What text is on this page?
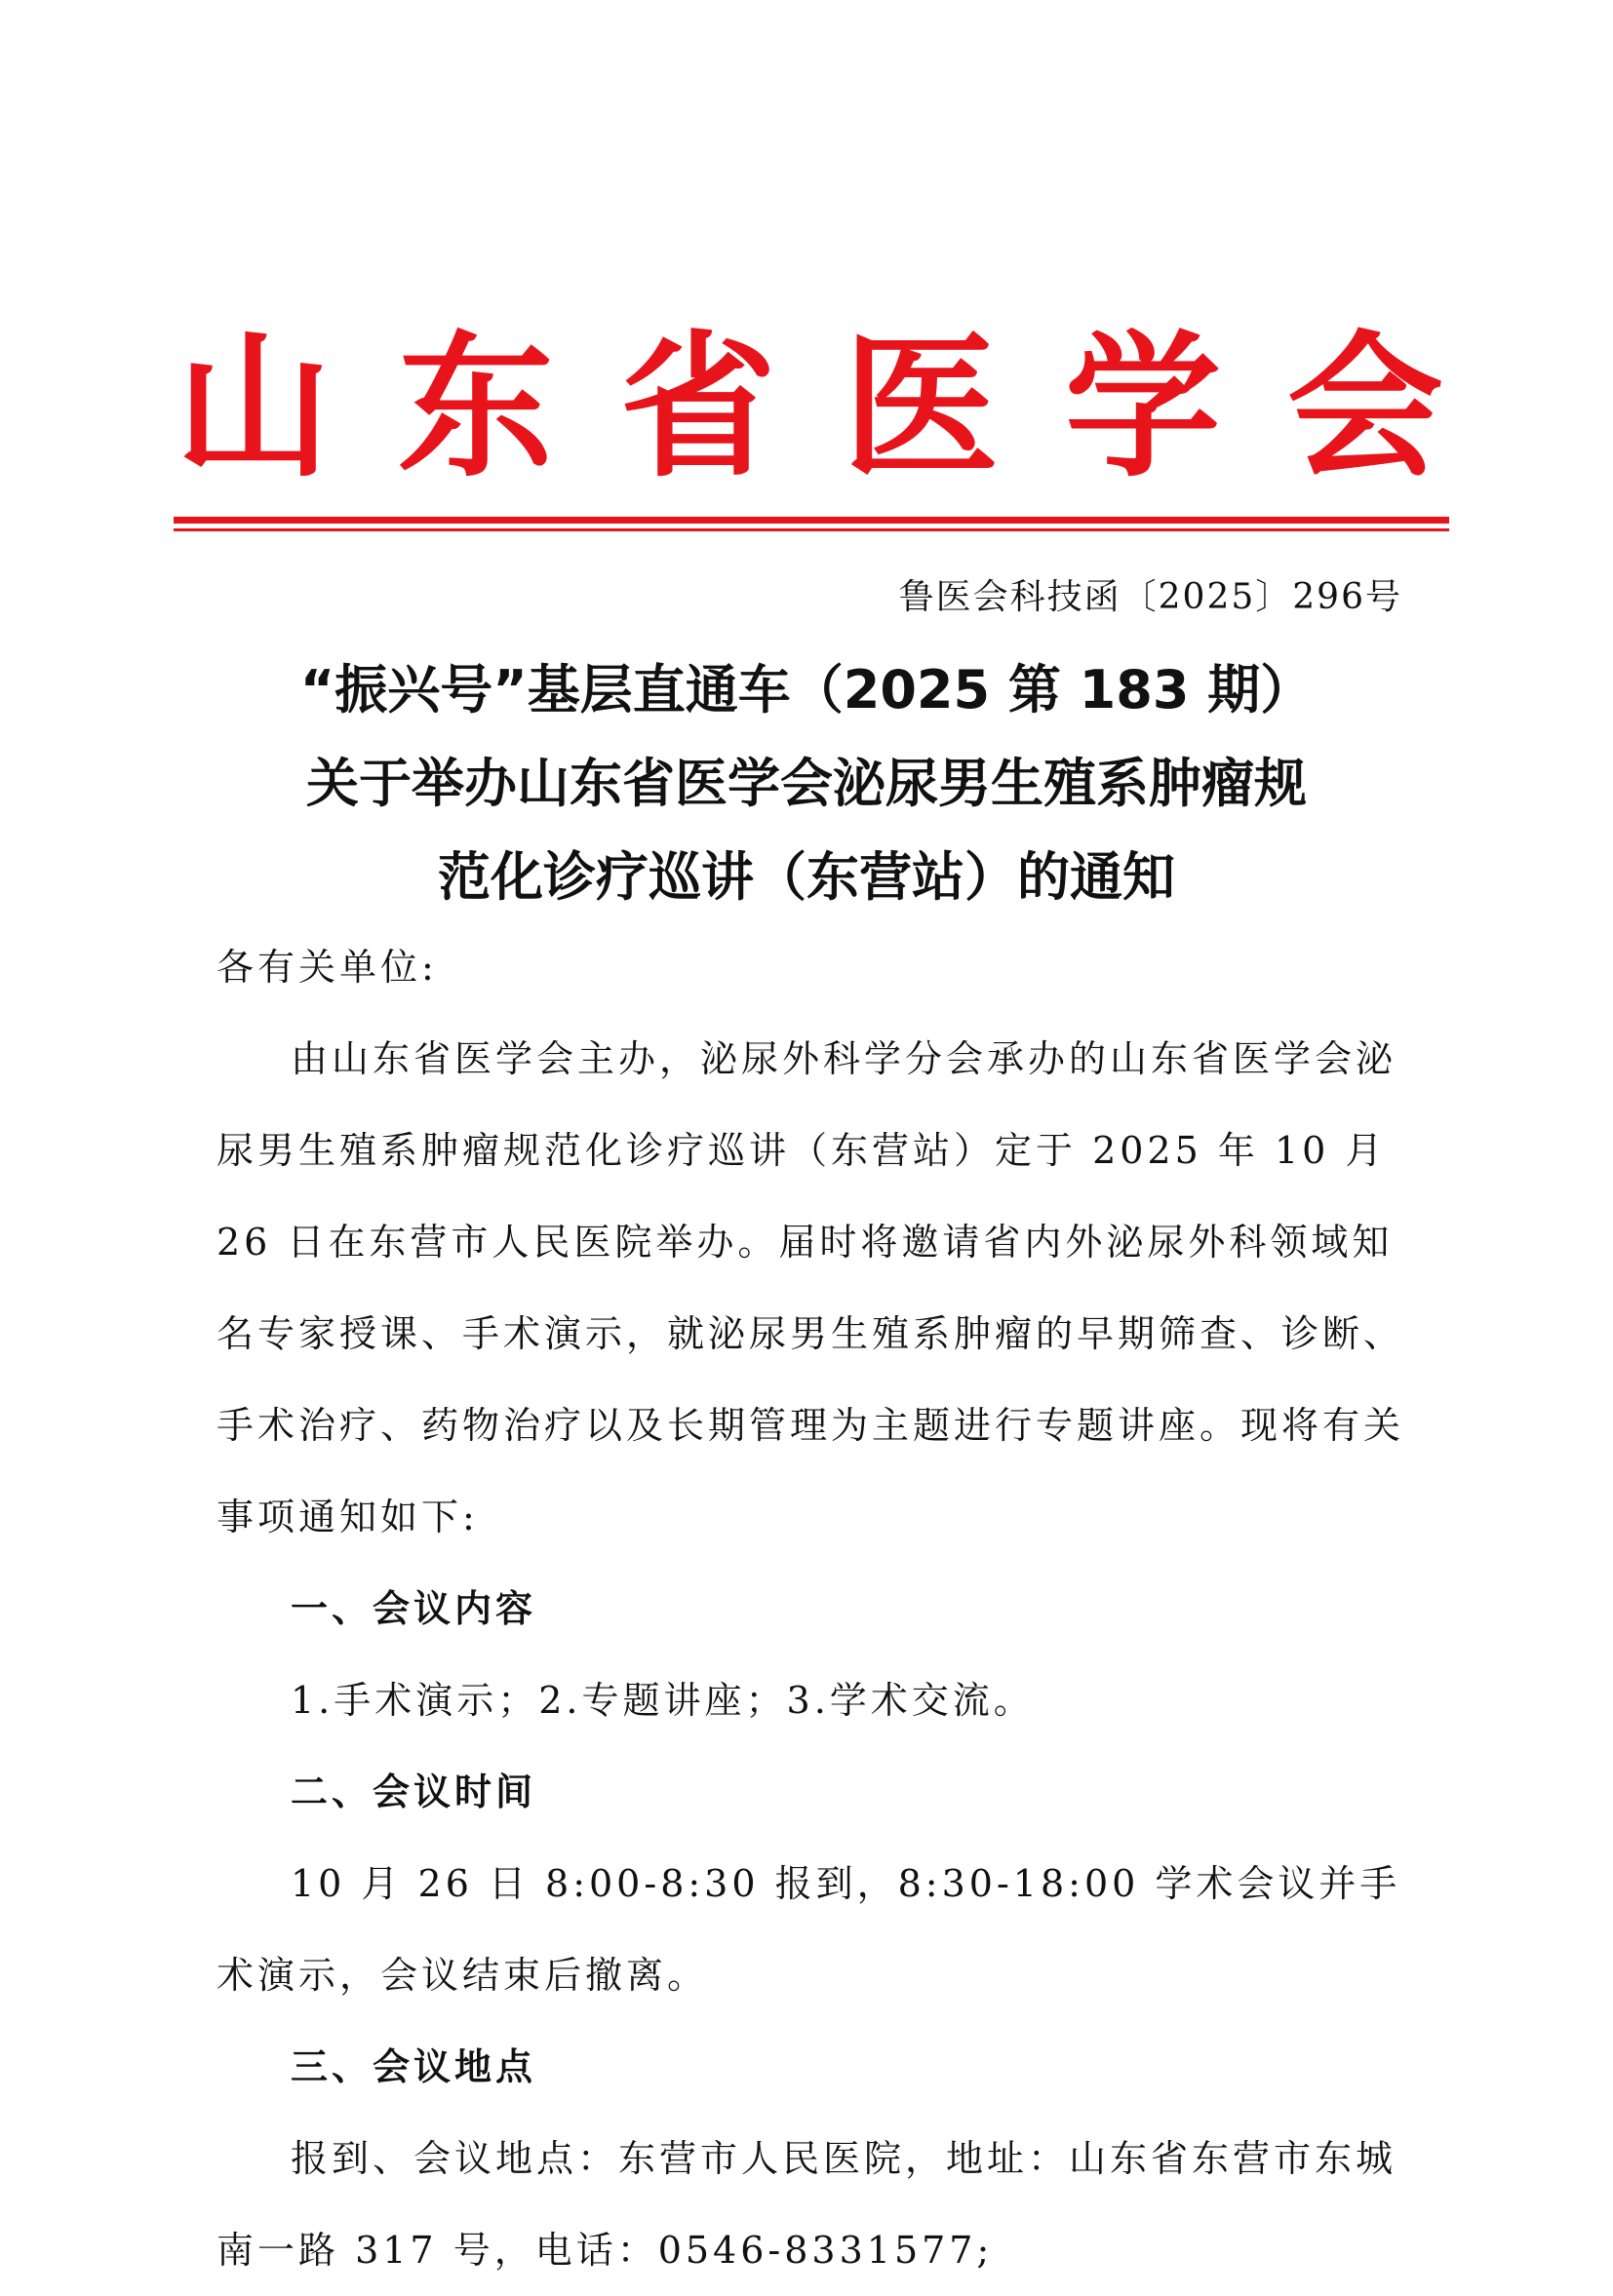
山 东 省 医 学 会
鲁医会科技函〔2025〕296号
“振兴号”基层直通车（2025 第 183 期）
关于举办山东省医学会泌尿男生殖系肿瘤规
范化诊疗巡讲（东营站）的通知

各有关单位:

由山东省医学会主办，泌尿外科学分会承办的山东省医学会泌尿男生殖系肿瘤规范化诊疗巡讲（东营站）定于 2025 年 10 月 26 日在东营市人民医院举办。届时将邀请省内外泌尿外科领域知名专家授课、手术演示，就泌尿男生殖系肿瘤的早期筛查、诊断、手术治疗、药物治疗以及长期管理为主题进行专题讲座。现将有关事项通知如下:

一、会议内容

1.手术演示；2.专题讲座；3.学术交流。

二、会议时间

10 月 26 日 8:00-8:30 报到，8:30-18:00 学术会议并手术演示，会议结束后撤离。

三、会议地点

报到、会议地点：东营市人民医院，地址：山东省东营市东城南一路 317 号，电话：0546-8331577;
